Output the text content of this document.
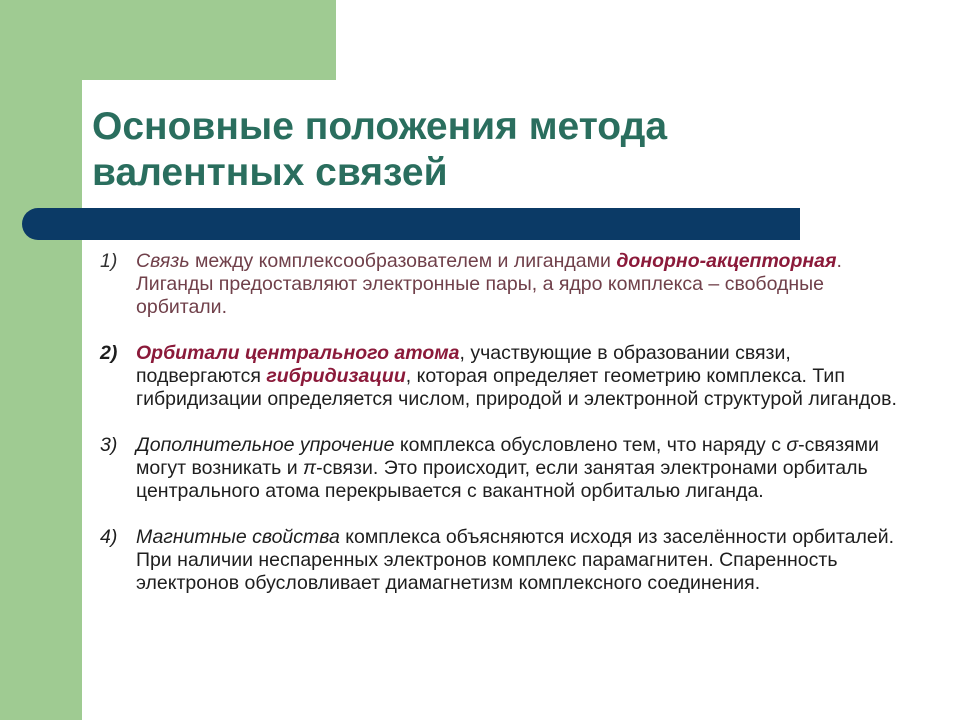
Основные положения метода
валентных связей
1) Связь между комплексообразователем и лигандами донорно-акцепторная. Лиганды предоставляют электронные пары, а ядро комплекса – свободные орбитали.
2) Орбитали центрального атома, участвующие в образовании связи, подвергаются гибридизации, которая определяет геометрию комплекса. Тип гибридизации определяется числом, природой и электронной структурой лигандов.
3) Дополнительное упрочение комплекса обусловлено тем, что наряду с σ-связями могут возникать и π-связи. Это происходит, если занятая электронами орбиталь центрального атома перекрывается с вакантной орбиталью лиганда.
4) Магнитные свойства комплекса объясняются исходя из заселённости орбиталей. При наличии неспаренных электронов комплекс парамагнитен. Спаренность электронов обусловливает диамагнетизм комплексного соединения.
